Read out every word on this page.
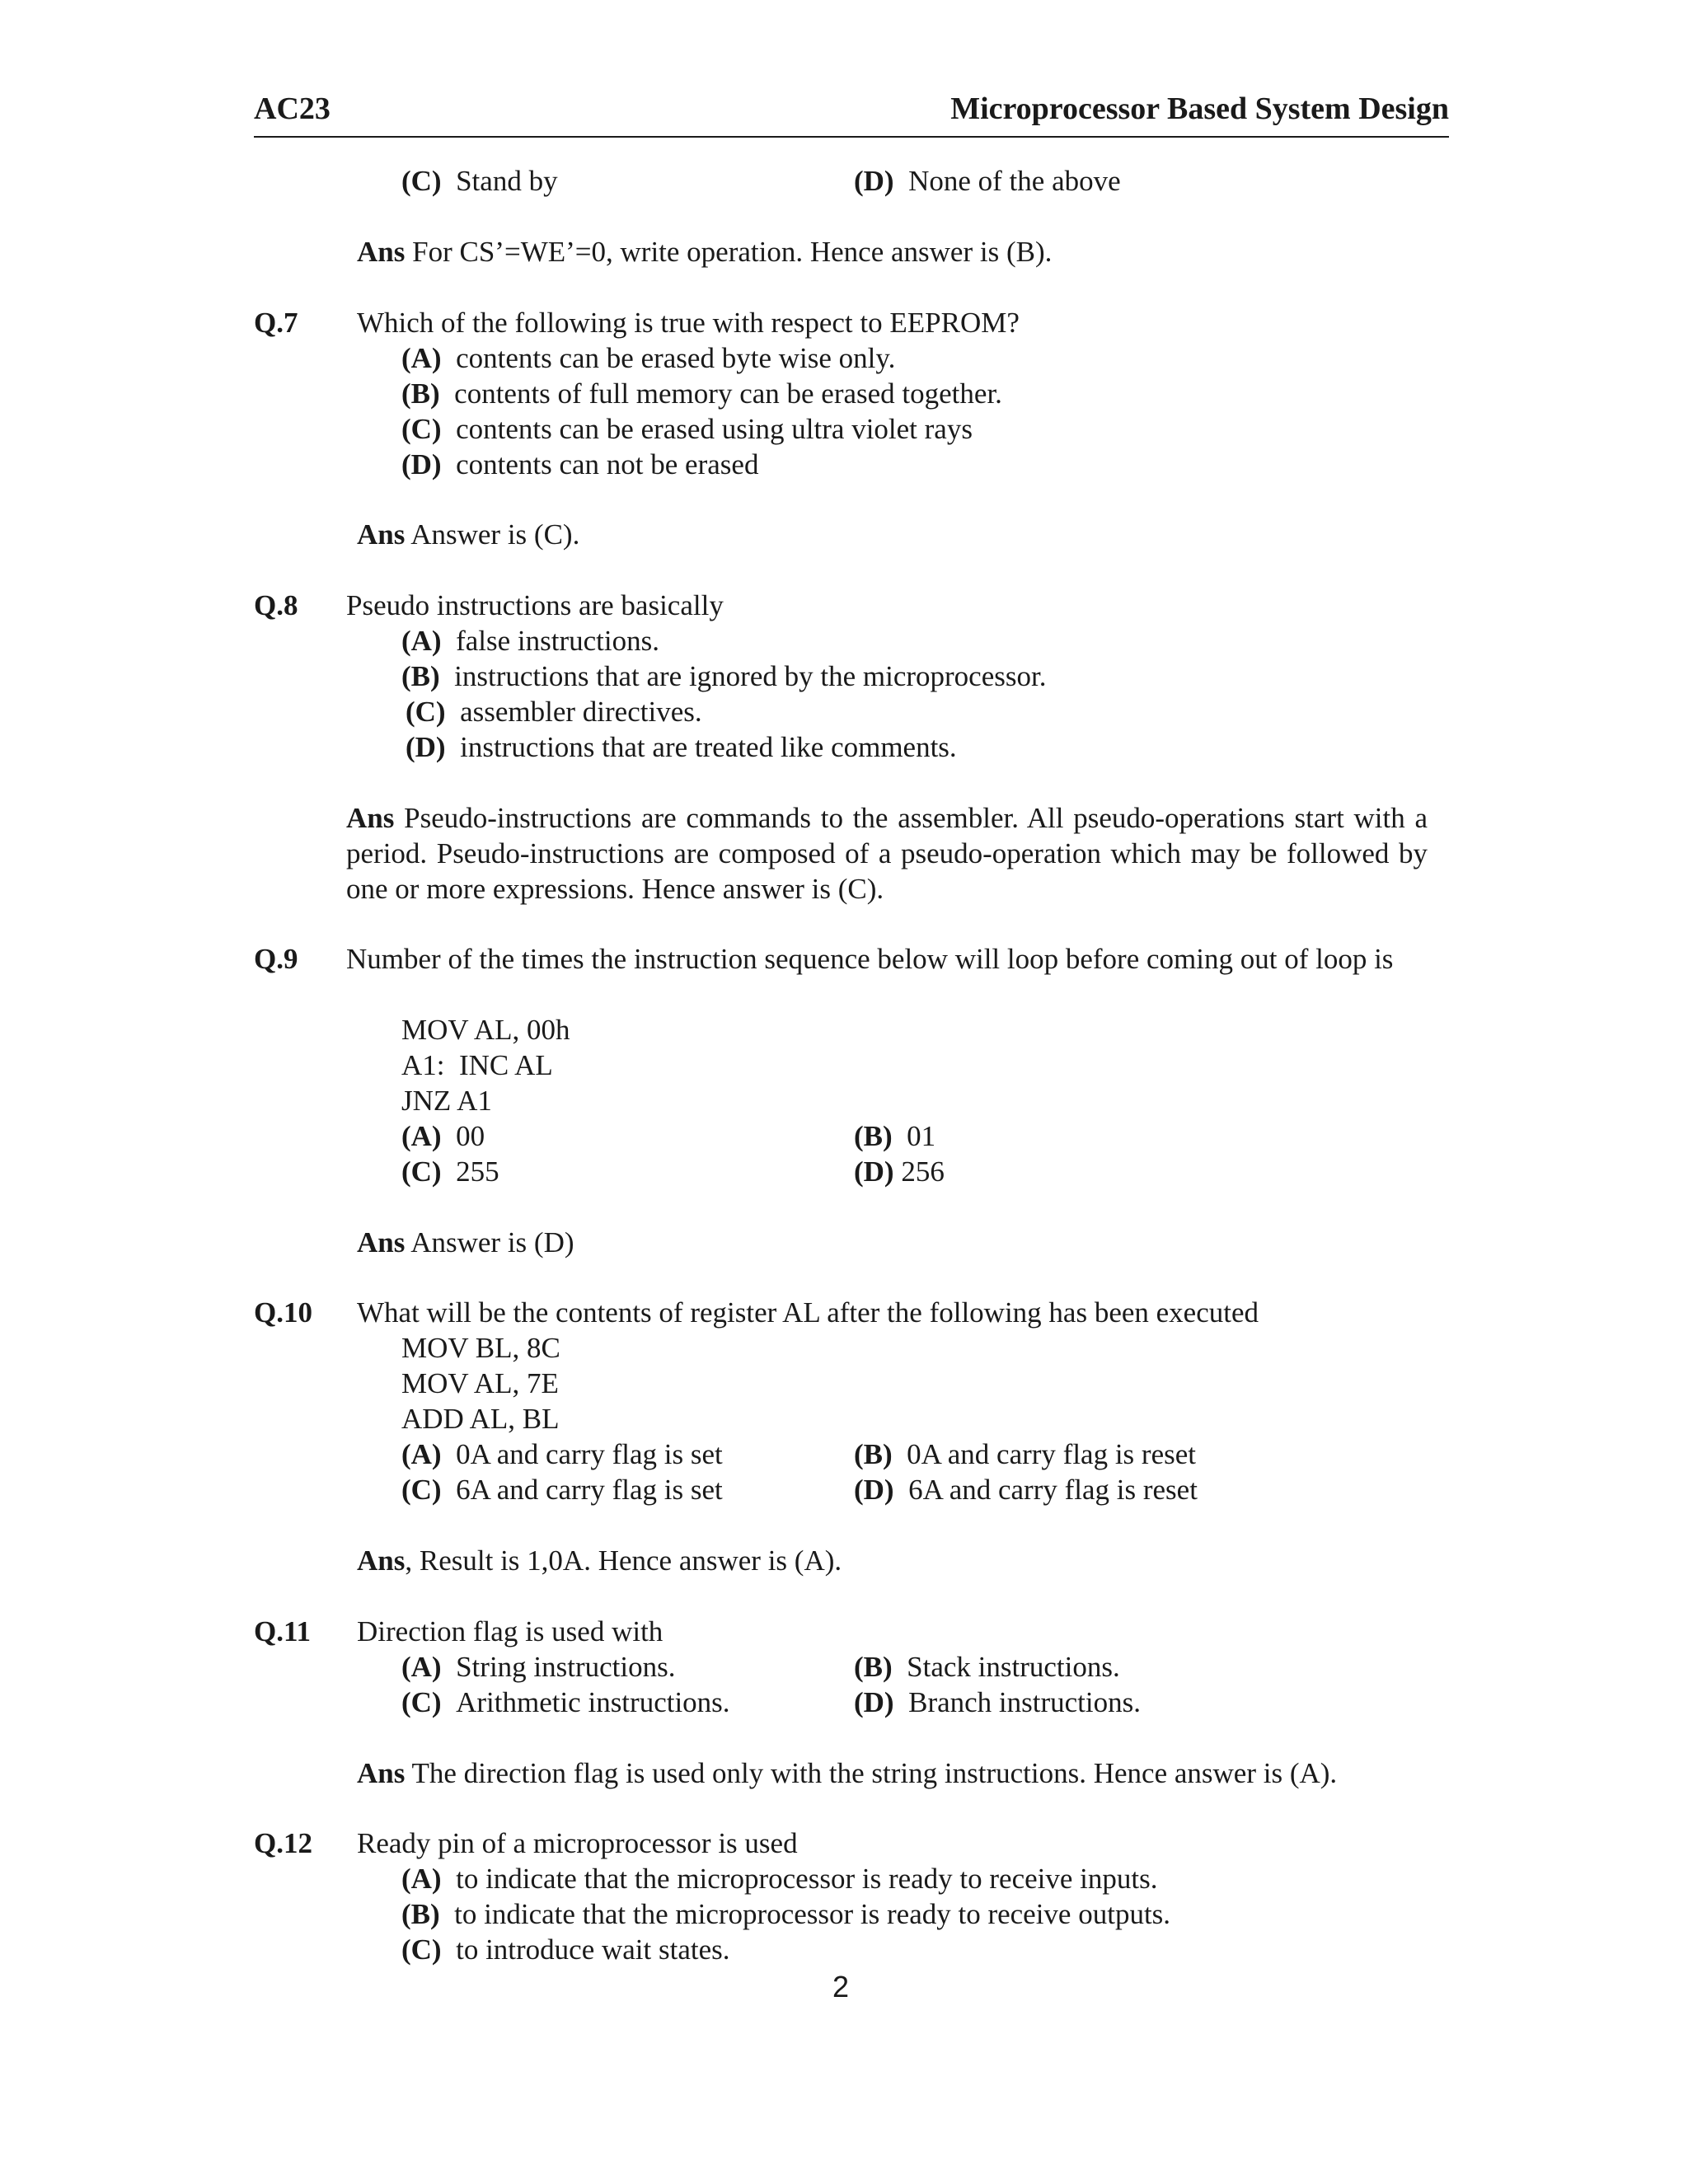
AC23	Microprocessor Based System Design
(C) Stand by	(D) None of the above
Ans For CS’=WE’=0, write operation. Hence answer is (B).
Q.7 Which of the following is true with respect to EEPROM?
(A) contents can be erased byte wise only.
(B) contents of full memory can be erased together.
(C) contents can be erased using ultra violet rays
(D) contents can not be erased
Ans Answer is (C).
Q.8 Pseudo instructions are basically
(A) false instructions.
(B) instructions that are ignored by the microprocessor.
(C) assembler directives.
(D) instructions that are treated like comments.
Ans Pseudo-instructions are commands to the assembler. All pseudo-operations start with a period. Pseudo-instructions are composed of a pseudo-operation which may be followed by one or more expressions. Hence answer is (C).
Q.9 Number of the times the instruction sequence below will loop before coming out of loop is
MOV AL, 00h
A1:  INC AL
JNZ A1
(A) 00	(B) 01
(C) 255	(D) 256
Ans Answer is (D)
Q.10 What will be the contents of register AL after the following has been executed
MOV BL, 8C
MOV AL, 7E
ADD AL, BL
(A) 0A and carry flag is set	(B) 0A and carry flag is reset
(C) 6A and carry flag is set	(D) 6A and carry flag is reset
Ans, Result is 1,0A. Hence answer is (A).
Q.11 Direction flag is used with
(A) String instructions.	(B) Stack instructions.
(C) Arithmetic instructions.	(D) Branch instructions.
Ans The direction flag is used only with the string instructions. Hence answer is (A).
Q.12 Ready pin of a microprocessor is used
(A) to indicate that the microprocessor is ready to receive inputs.
(B) to indicate that the microprocessor is ready to receive outputs.
(C) to introduce wait states.
2
